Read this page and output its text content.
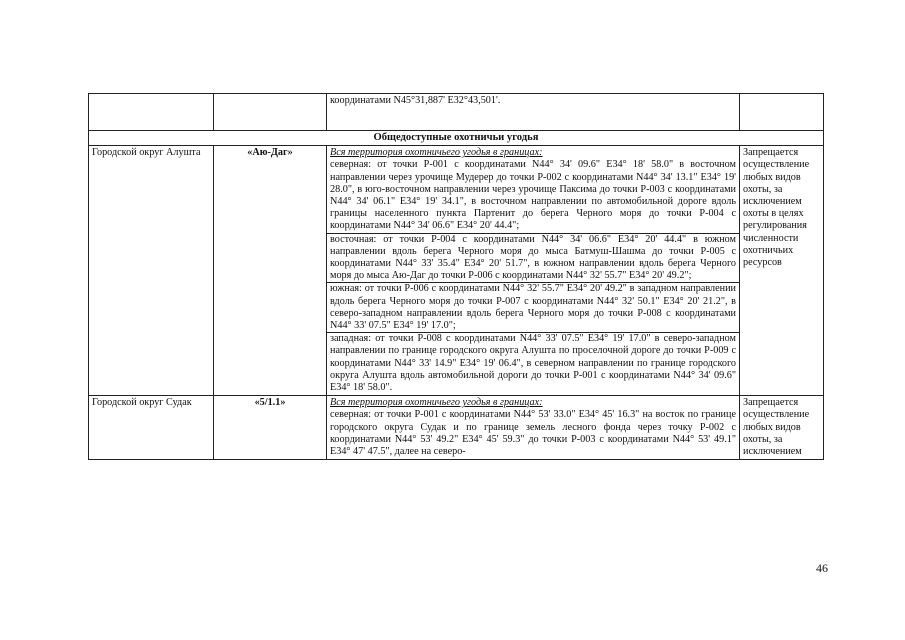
		координатами N45°31,887' E32°43,501'.	
Общедоступные охотничьи угодья			
Городской округ Алушта	«Аю-Даг»	Вся территория охотничьего угодья в границах:
северная: от точки Р-001 с координатами N44° 34' 09.6" E34° 18' 58.0" в восточном направлении через урочище Мудерер до точки Р-002 с координатами N44° 34' 13.1" E34° 19' 28.0", в юго-восточном направлении через урочище Паксима до точки Р-003 с координатами N44° 34' 06.1" E34° 19' 34.1", в восточном направлении по автомобильной дороге вдоль границы населенного пункта Партенит до берега Черного моря до точки Р-004 с координатами N44° 34' 06.6" E34° 20' 44.4";
восточная: от точки Р-004 с координатами N44° 34' 06.6" E34° 20' 44.4" в южном направлении вдоль берега Черного моря до мыса Батмуш-Шашма до точки Р-005 с координатами N44° 33' 35.4" E34° 20' 51.7", в южном направлении вдоль берега Черного моря до мыса Аю-Даг до точки Р-006 с координатами N44° 32' 55.7" E34° 20' 49.2";
южная: от точки Р-006 с координатами N44° 32' 55.7" E34° 20' 49.2" в западном направлении вдоль берега Черного моря до точки Р-007 с координатами N44° 32' 50.1" E34° 20' 21.2", в северо-западном направлении вдоль берега Черного моря до точки Р-008 с координатами N44° 33' 07.5" E34° 19' 17.0";
западная: от точки Р-008 с координатами N44° 33' 07.5" E34° 19' 17.0" в северо-западном направлении по границе городского округа Алушта по проселочной дороге до точки Р-009 с координатами N44° 33' 14.9" E34° 19' 06.4", в северном направлении по границе городского округа Алушта вдоль автомобильной дороги до точки Р-001 с координатами N44° 34' 09.6" E34° 18' 58.0".	Запрещается осуществление любых видов охоты, за исключением охоты в целях регулирования численности охотничьих ресурсов
Городской округ Судак	«5/1.1»	Вся территория охотничьего угодья в границах:
северная: от точки Р-001 с координатами N44° 53' 33.0" E34° 45' 16.3" на восток по границе городского округа Судак и по границе земель лесного фонда через точку Р-002 с координатами N44° 53' 49.2" E34° 45' 59.3" до точки Р-003 с координатами N44° 53' 49.1" E34° 47' 47.5", далее на северо-	Запрещается осуществление любых видов охоты, за исключением
46
